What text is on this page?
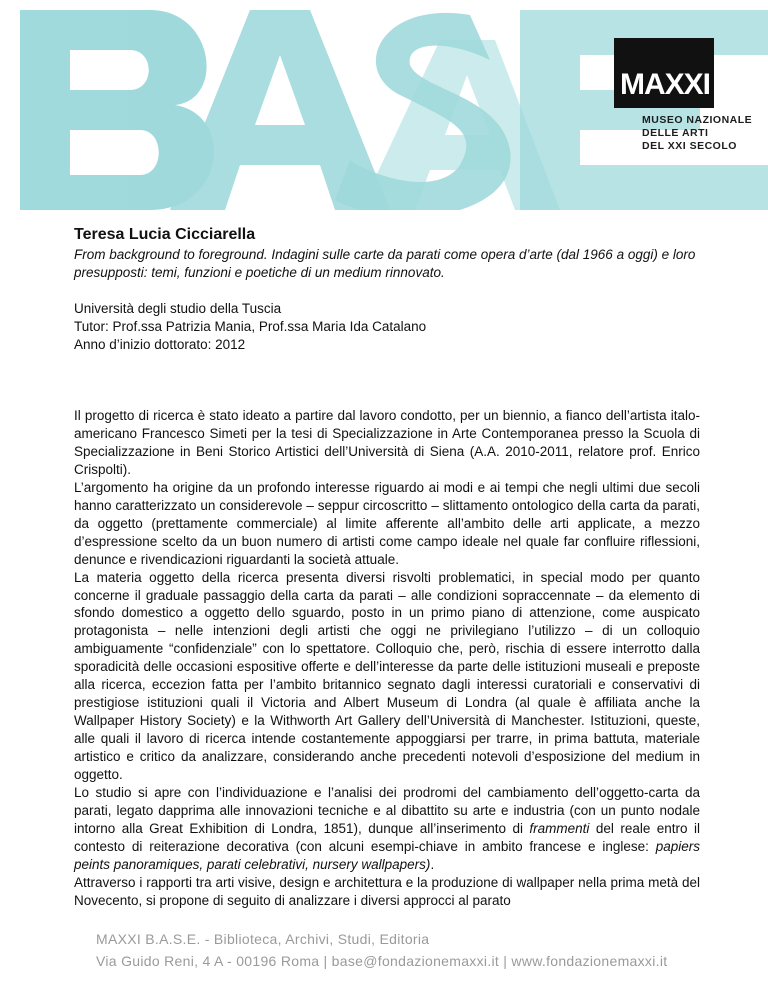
MAXXI
MUSEO NAZIONALE
DELLE ARTI
DEL XXI SECOLO
Teresa Lucia Cicciarella

From background to foreground. Indagini sulle carte da parati come opera d’arte (dal 1966 a oggi) e loro presupposti: temi, funzioni e poetiche di un medium rinnovato.

Università degli studio della Tuscia
Tutor: Prof.ssa Patrizia Mania, Prof.ssa Maria Ida Catalano
Anno d’inizio dottorato: 2012

Il progetto di ricerca è stato ideato a partire dal lavoro condotto, per un biennio, a fianco dell’artista italo-americano Francesco Simeti per la tesi di Specializzazione in Arte Contemporanea presso la Scuola di Specializzazione in Beni Storico Artistici dell’Università di Siena (A.A. 2010-2011, relatore prof. Enrico Crispolti).

L’argomento ha origine da un profondo interesse riguardo ai modi e ai tempi che negli ultimi due secoli hanno caratterizzato un considerevole – seppur circoscritto – slittamento ontologico della carta da parati, da oggetto (prettamente commerciale) al limite afferente all’ambito delle arti applicate, a mezzo d’espressione scelto da un buon numero di artisti come campo ideale nel quale far confluire riflessioni, denunce e rivendicazioni riguardanti la società attuale.

La materia oggetto della ricerca presenta diversi risvolti problematici, in special modo per quanto concerne il graduale passaggio della carta da parati – alle condizioni sopraccennate – da elemento di sfondo domestico a oggetto dello sguardo, posto in un primo piano di attenzione, come auspicato protagonista – nelle intenzioni degli artisti che oggi ne privilegiano l’utilizzo – di un colloquio ambiguamente “confidenziale” con lo spettatore. Colloquio che, però, rischia di essere interrotto dalla sporadicità delle occasioni espositive offerte e dell’interesse da parte delle istituzioni museali e preposte alla ricerca, eccezion fatta per l’ambito britannico segnato dagli interessi curatoriali e conservativi di prestigiose istituzioni quali il Victoria and Albert Museum di Londra (al quale è affiliata anche la Wallpaper History Society) e la Withworth Art Gallery dell’Università di Manchester. Istituzioni, queste, alle quali il lavoro di ricerca intende costantemente appoggiarsi per trarre, in prima battuta, materiale artistico e critico da analizzare, considerando anche precedenti notevoli d’esposizione del medium in oggetto.

Lo studio si apre con l’individuazione e l’analisi dei prodromi del cambiamento dell’oggetto-carta da parati, legato dapprima alle innovazioni tecniche e al dibattito su arte e industria (con un punto nodale intorno alla Great Exhibition di Londra, 1851), dunque all’inserimento di frammenti del reale entro il contesto di reiterazione decorativa (con alcuni esempi-chiave in ambito francese e inglese: papiers peints panoramiques, parati celebrativi, nursery wallpapers).

Attraverso i rapporti tra arti visive, design e architettura e la produzione di wallpaper nella prima metà del Novecento, si propone di seguito di analizzare i diversi approcci al parato

MAXXI B.A.S.E. - Biblioteca, Archivi, Studi, Editoria
Via Guido Reni, 4 A - 00196 Roma | base@fondazionemaxxi.it | www.fondazionemaxxi.it
